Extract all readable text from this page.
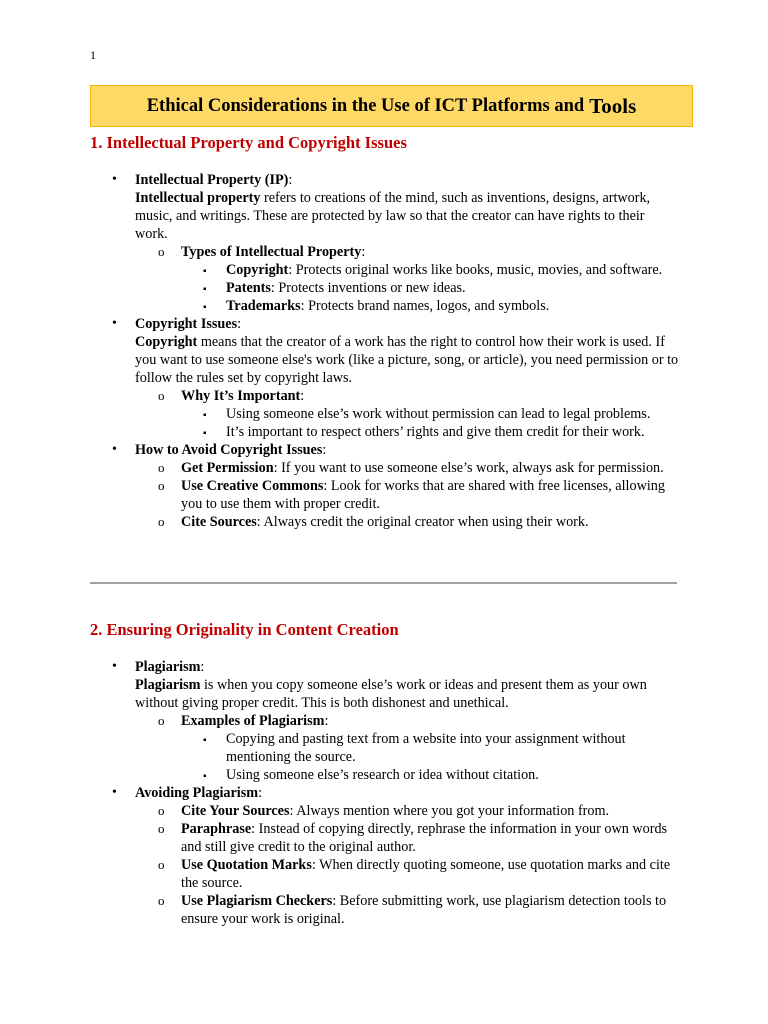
1
Ethical Considerations in the Use of ICT Platforms and Tools
1. Intellectual Property and Copyright Issues
• Intellectual Property (IP):
Intellectual property refers to creations of the mind, such as inventions, designs, artwork, music, and writings. These are protected by law so that the creator can have rights to their work.
o Types of Intellectual Property:
▪ Copyright: Protects original works like books, music, movies, and software.
▪ Patents: Protects inventions or new ideas.
▪ Trademarks: Protects brand names, logos, and symbols.
• Copyright Issues:
Copyright means that the creator of a work has the right to control how their work is used. If you want to use someone else's work (like a picture, song, or article), you need permission or to follow the rules set by copyright laws.
o Why It’s Important:
▪ Using someone else’s work without permission can lead to legal problems.
▪ It’s important to respect others’ rights and give them credit for their work.
• How to Avoid Copyright Issues:
o Get Permission: If you want to use someone else’s work, always ask for permission.
o Use Creative Commons: Look for works that are shared with free licenses, allowing you to use them with proper credit.
o Cite Sources: Always credit the original creator when using their work.
2. Ensuring Originality in Content Creation
• Plagiarism:
Plagiarism is when you copy someone else’s work or ideas and present them as your own without giving proper credit. This is both dishonest and unethical.
o Examples of Plagiarism:
▪ Copying and pasting text from a website into your assignment without mentioning the source.
▪ Using someone else’s research or idea without citation.
• Avoiding Plagiarism:
o Cite Your Sources: Always mention where you got your information from.
o Paraphrase: Instead of copying directly, rephrase the information in your own words and still give credit to the original author.
o Use Quotation Marks: When directly quoting someone, use quotation marks and cite the source.
o Use Plagiarism Checkers: Before submitting work, use plagiarism detection tools to ensure your work is original.
